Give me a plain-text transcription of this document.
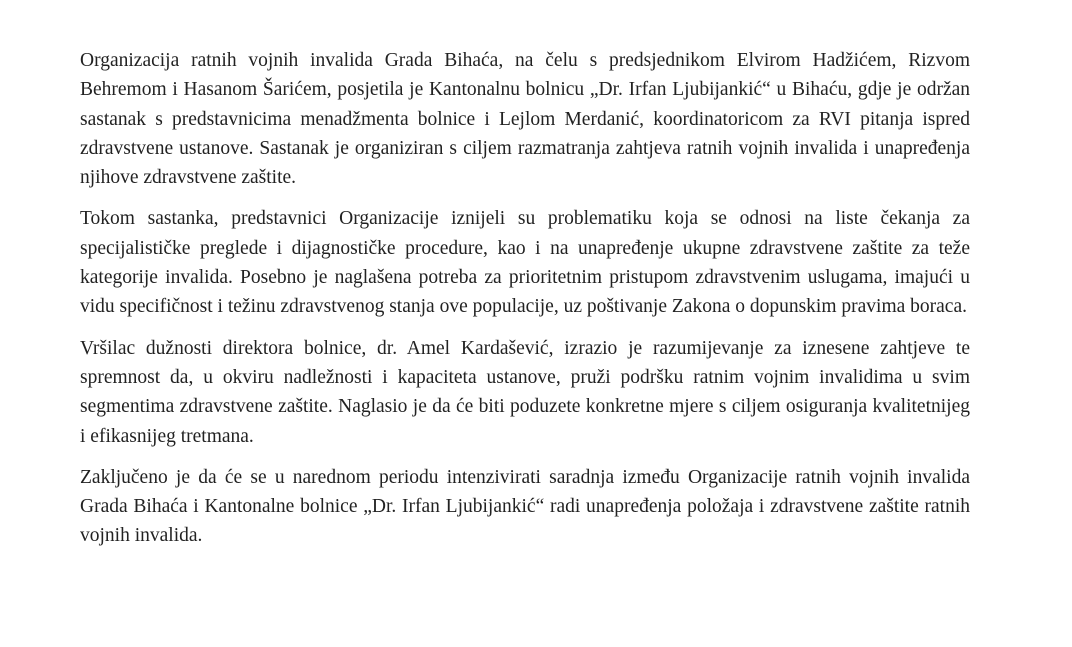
Organizacija ratnih vojnih invalida Grada Bihaća, na čelu s predsjednikom Elvirom Hadžićem, Rizvom Behremom i Hasanom Šarićem, posjetila je Kantonalnu bolnicu „Dr. Irfan Ljubijankić“ u Bihaću, gdje je održan sastanak s predstavnicima menadžmenta bolnice i Lejlom Merdanić, koordinatoricom za RVI pitanja ispred zdravstvene ustanove. Sastanak je organiziran s ciljem razmatranja zahtjeva ratnih vojnih invalida i unapređenja njihove zdravstvene zaštite.

Tokom sastanka, predstavnici Organizacije iznijeli su problematiku koja se odnosi na liste čekanja za specijalističke preglede i dijagnostičke procedure, kao i na unapređenje ukupne zdravstvene zaštite za teže kategorije invalida. Posebno je naglašena potreba za prioritetnim pristupom zdravstvenim uslugama, imajući u vidu specifičnost i težinu zdravstvenog stanja ove populacije, uz poštivanje Zakona o dopunskim pravima boraca.

Vršilac dužnosti direktora bolnice, dr. Amel Kardašević, izrazio je razumijevanje za iznesene zahtjeve te spremnost da, u okviru nadležnosti i kapaciteta ustanove, pruži podršku ratnim vojnim invalidima u svim segmentima zdravstvene zaštite. Naglasio je da će biti poduzete konkretne mjere s ciljem osiguranja kvalitetnijeg i efikasnijeg tretmana.

Zaključeno je da će se u narednom periodu intenzivirati saradnja između Organizacije ratnih vojnih invalida Grada Bihaća i Kantonalne bolnice „Dr. Irfan Ljubijankić“ radi unapređenja položaja i zdravstvene zaštite ratnih vojnih invalida.
